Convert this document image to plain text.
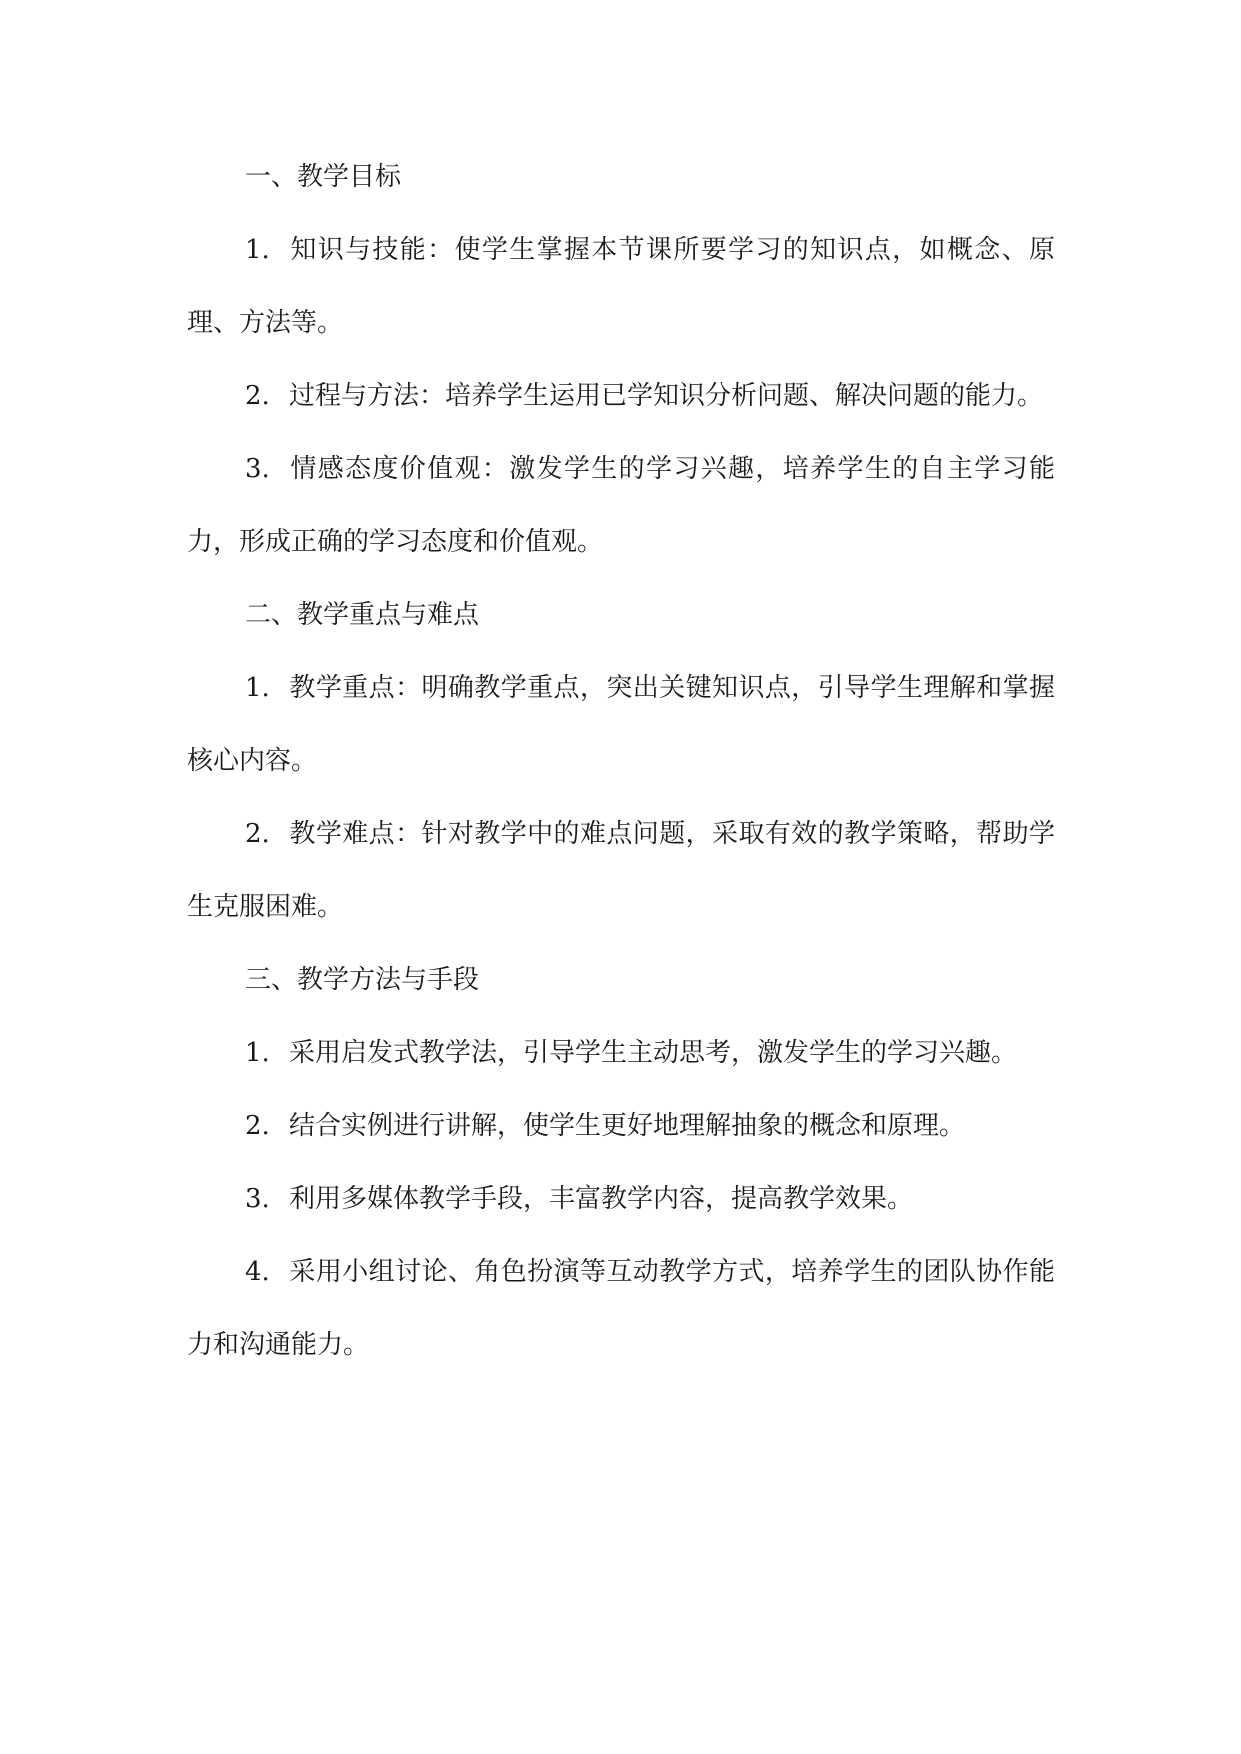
一、教学目标

1. 知识与技能：使学生掌握本节课所要学习的知识点，如概念、原理、方法等。

2. 过程与方法：培养学生运用已学知识分析问题、解决问题的能力。

3. 情感态度价值观：激发学生的学习兴趣，培养学生的自主学习能力，形成正确的学习态度和价值观。

二、教学重点与难点

1. 教学重点：明确教学重点，突出关键知识点，引导学生理解和掌握核心内容。

2. 教学难点：针对教学中的难点问题，采取有效的教学策略，帮助学生克服困难。

三、教学方法与手段

1. 采用启发式教学法，引导学生主动思考，激发学生的学习兴趣。

2. 结合实例进行讲解，使学生更好地理解抽象的概念和原理。

3. 利用多媒体教学手段，丰富教学内容，提高教学效果。

4. 采用小组讨论、角色扮演等互动教学方式，培养学生的团队协作能力和沟通能力。
